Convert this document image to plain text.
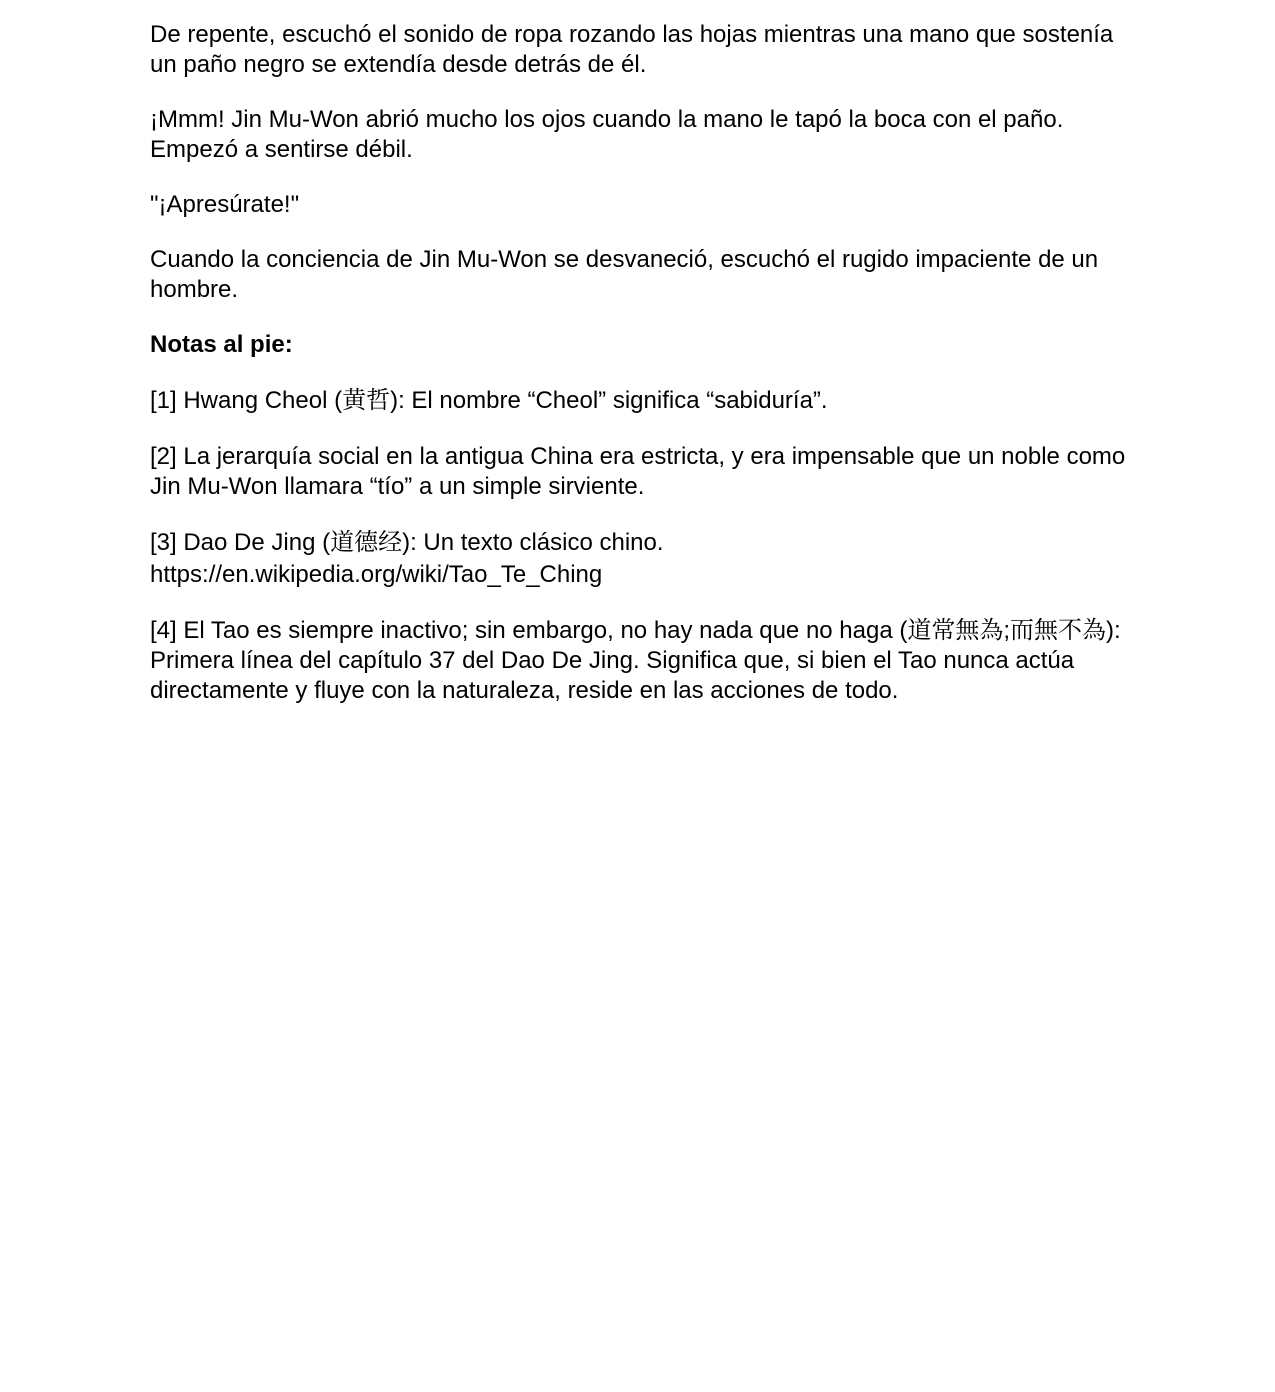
De repente, escuchó el sonido de ropa rozando las hojas mientras una mano que sostenía un paño negro se extendía desde detrás de él.

¡Mmm! Jin Mu-Won abrió mucho los ojos cuando la mano le tapó la boca con el paño. Empezó a sentirse débil.

"¡Apresúrate!"

Cuando la conciencia de Jin Mu-Won se desvaneció, escuchó el rugido impaciente de un hombre.

Notas al pie:

[1] Hwang Cheol (黄哲): El nombre “Cheol” significa “sabiduría”.

[2] La jerarquía social en la antigua China era estricta, y era impensable que un noble como Jin Mu-Won llamara “tío” a un simple sirviente.

[3] Dao De Jing (道德经): Un texto clásico chino.
https://en.wikipedia.org/wiki/Tao_Te_Ching

[4] El Tao es siempre inactivo; sin embargo, no hay nada que no haga (道常無為;而無不為): Primera línea del capítulo 37 del Dao De Jing. Significa que, si bien el Tao nunca actúa directamente y fluye con la naturaleza, reside en las acciones de todo.
